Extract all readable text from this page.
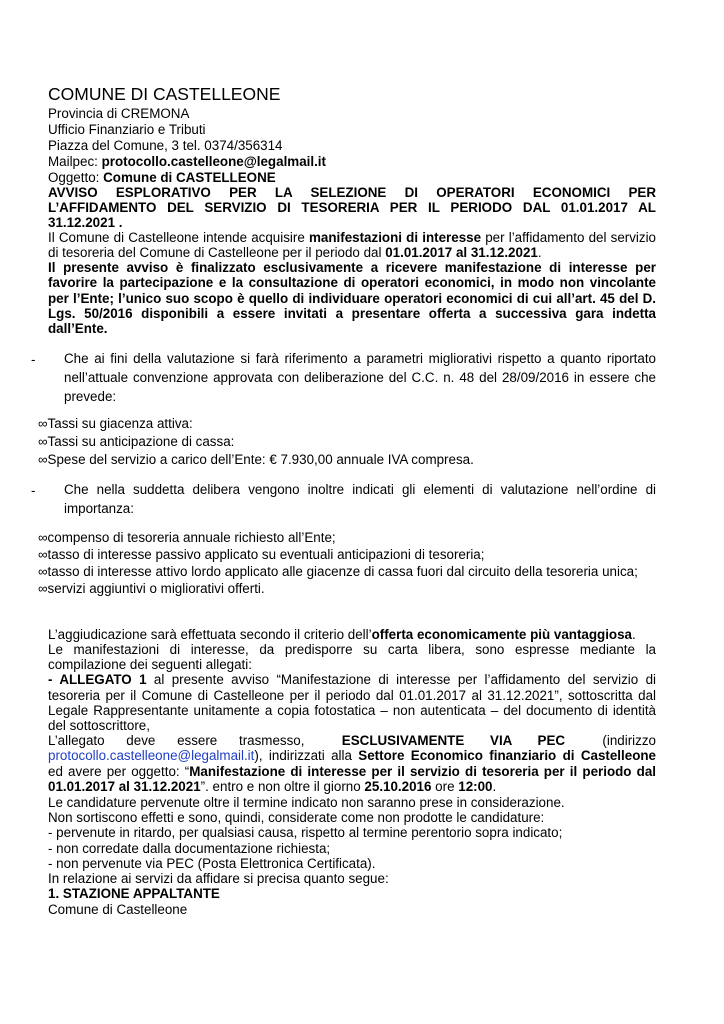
COMUNE DI CASTELLEONE
Provincia di CREMONA
Ufficio Finanziario e Tributi
Piazza del Comune, 3 tel. 0374/356314
Mailpec: protocollo.castelleone@legalmail.it
Oggetto: Comune di CASTELLEONE
AVVISO ESPLORATIVO PER LA SELEZIONE DI OPERATORI ECONOMICI PER
L’AFFIDAMENTO DEL SERVIZIO DI TESORERIA PER IL PERIODO DAL 01.01.2017 AL
31.12.2021 .
Il Comune di Castelleone intende acquisire manifestazioni di interesse per l’affidamento del servizio
di tesoreria del Comune di Castelleone per il periodo dal 01.01.2017 al 31.12.2021.
Il presente avviso è finalizzato esclusivamente a ricevere manifestazione di interesse per
favorire la partecipazione e la consultazione di operatori economici, in modo non vincolante
per l’Ente; l’unico suo scopo è quello di individuare operatori economici di cui all’art. 45 del D.
Lgs. 50/2016 disponibili a essere invitati a presentare offerta a successiva gara indetta
dall’Ente.
- Che ai fini della valutazione si farà riferimento a parametri migliorativi rispetto a quanto riportato
nell’attuale convenzione approvata con deliberazione del C.C. n. 48 del 28/09/2016 in essere che
prevede:
∞Tassi su giacenza attiva:
∞Tassi su anticipazione di cassa:
∞Spese del servizio a carico dell’Ente: € 7.930,00 annuale IVA compresa.
- Che nella suddetta delibera vengono inoltre indicati gli elementi di valutazione nell’ordine di
importanza:
∞compenso di tesoreria annuale richiesto all’Ente;
∞tasso di interesse passivo applicato su eventuali anticipazioni di tesoreria;
∞tasso di interesse attivo lordo applicato alle giacenze di cassa fuori dal circuito della tesoreria unica;
∞servizi aggiuntivi o migliorativi offerti.
L’aggiudicazione sarà effettuata secondo il criterio dell’offerta economicamente più vantaggiosa.
Le manifestazioni di interesse, da predisporre su carta libera, sono espresse mediante la
compilazione dei seguenti allegati:
- ALLEGATO 1 al presente avviso “Manifestazione di interesse per l’affidamento del servizio di
tesoreria per il Comune di Castelleone per il periodo dal 01.01.2017 al 31.12.2021”, sottoscritta dal
Legale Rappresentante unitamente a copia fotostatica – non autenticata – del documento di identità
del sottoscrittore,
L’allegato deve essere trasmesso,	ESCLUSIVAMENTE VIA PEC	(indirizzo
protocollo.castelleone@legalmail.it), indirizzati alla Settore Economico finanziario di Castelleone
ed avere per oggetto: “Manifestazione di interesse per il servizio di tesoreria per il periodo dal
01.01.2017 al 31.12.2021”. entro e non oltre il giorno 25.10.2016 ore 12:00.
Le candidature pervenute oltre il termine indicato non saranno prese in considerazione.
Non sortiscono effetti e sono, quindi, considerate come non prodotte le candidature:
- pervenute in ritardo, per qualsiasi causa, rispetto al termine perentorio sopra indicato;
- non corredate dalla documentazione richiesta;
- non pervenute via PEC (Posta Elettronica Certificata).
In relazione ai servizi da affidare si precisa quanto segue:
1. STAZIONE APPALTANTE
Comune di Castelleone
